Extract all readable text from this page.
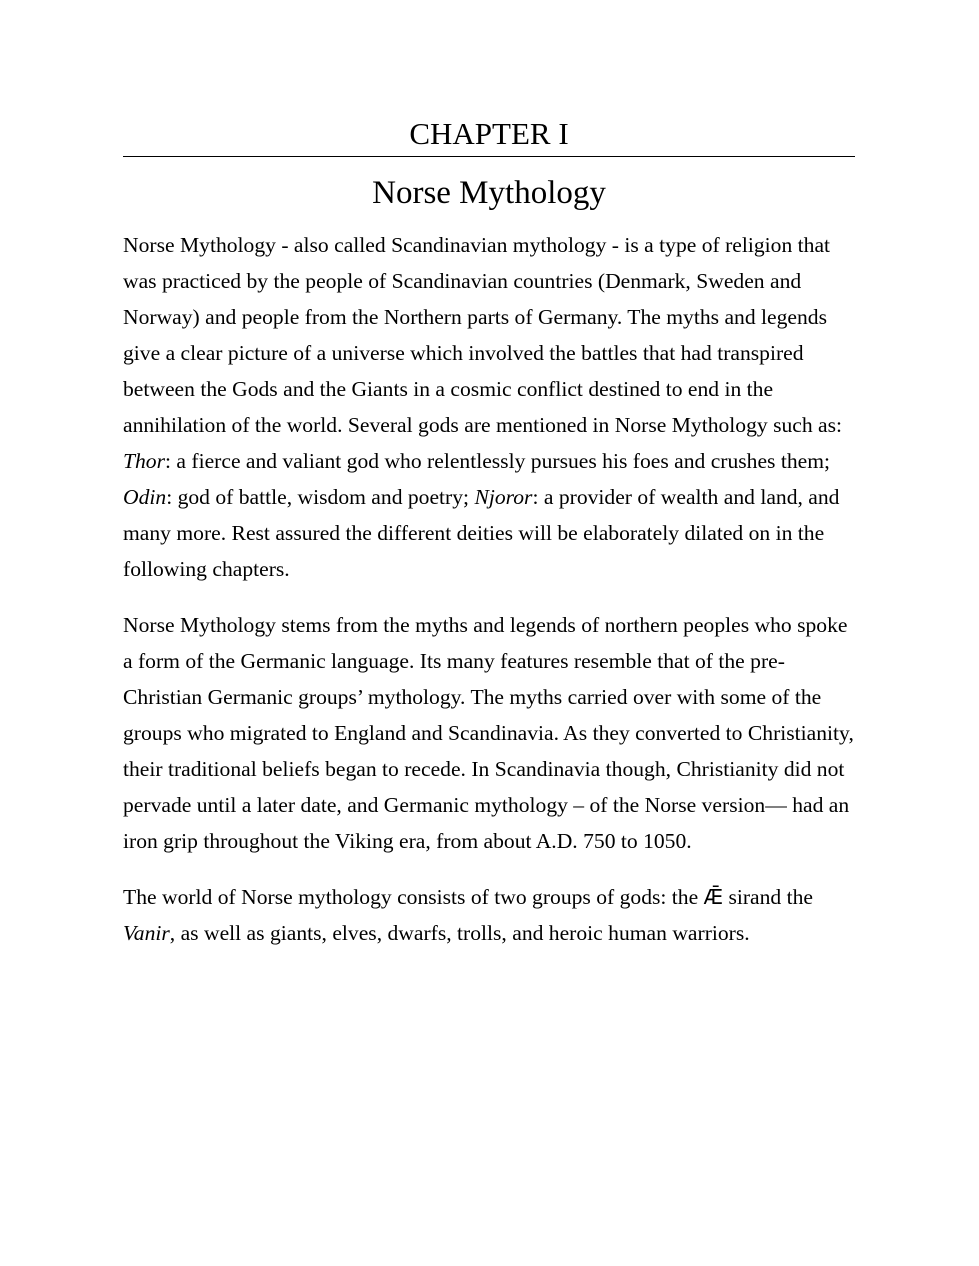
CHAPTER I
Norse Mythology

Norse Mythology - also called Scandinavian mythology - is a type of religion that was practiced by the people of Scandinavian countries (Denmark, Sweden and Norway) and people from the Northern parts of Germany. The myths and legends give a clear picture of a universe which involved the battles that had transpired between the Gods and the Giants in a cosmic conflict destined to end in the annihilation of the world. Several gods are mentioned in Norse Mythology such as: Thor: a fierce and valiant god who relentlessly pursues his foes and crushes them; Odin: god of battle, wisdom and poetry; Njoror: a provider of wealth and land, and many more. Rest assured the different deities will be elaborately dilated on in the following chapters.

Norse Mythology stems from the myths and legends of northern peoples who spoke a form of the Germanic language. Its many features resemble that of the pre-Christian Germanic groups’ mythology. The myths carried over with some of the groups who migrated to England and Scandinavia. As they converted to Christianity, their traditional beliefs began to recede. In Scandinavia though, Christianity did not pervade until a later date, and Germanic mythology – of the Norse version— had an iron grip throughout the Viking era, from about A.D. 750 to 1050.

The world of Norse mythology consists of two groups of gods: the Ǣ sirand the Vanir, as well as giants, elves, dwarfs, trolls, and heroic human warriors.
